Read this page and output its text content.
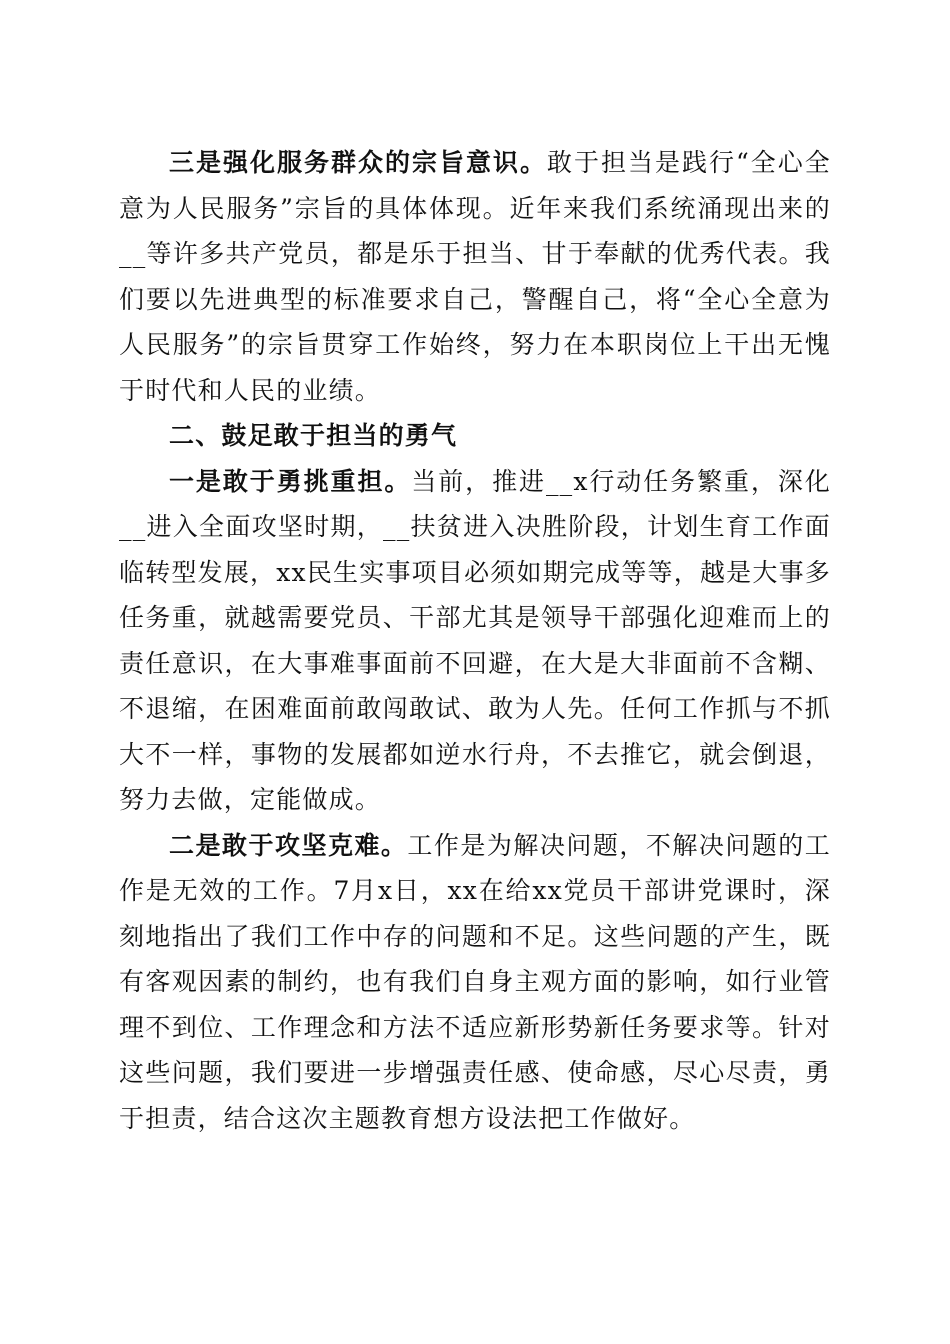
三是强化服务群众的宗旨意识。敢于担当是践行“全心全意为人民服务”宗旨的具体体现。近年来我们系统涌现出来的__等许多共产党员，都是乐于担当、甘于奉献的优秀代表。我们要以先进典型的标准要求自己，警醒自己，将“全心全意为人民服务”的宗旨贯穿工作始终，努力在本职岗位上干出无愧于时代和人民的业绩。

二、鼓足敢于担当的勇气

一是敢于勇挑重担。当前，推进__x行动任务繁重，深化__进入全面攻坚时期，__扶贫进入决胜阶段，计划生育工作面临转型发展，xx民生实事项目必须如期完成等等，越是大事多任务重，就越需要党员、干部尤其是领导干部强化迎难而上的责任意识，在大事难事面前不回避，在大是大非面前不含糊、不退缩，在困难面前敢闯敢试、敢为人先。任何工作抓与不抓大不一样，事物的发展都如逆水行舟，不去推它，就会倒退，努力去做，定能做成。

二是敢于攻坚克难。工作是为解决问题，不解决问题的工作是无效的工作。7月x日，xx在给xx党员干部讲党课时，深刻地指出了我们工作中存的问题和不足。这些问题的产生，既有客观因素的制约，也有我们自身主观方面的影响，如行业管理不到位、工作理念和方法不适应新形势新任务要求等。针对这些问题，我们要进一步增强责任感、使命感，尽心尽责，勇于担责，结合这次主题教育想方设法把工作做好。
